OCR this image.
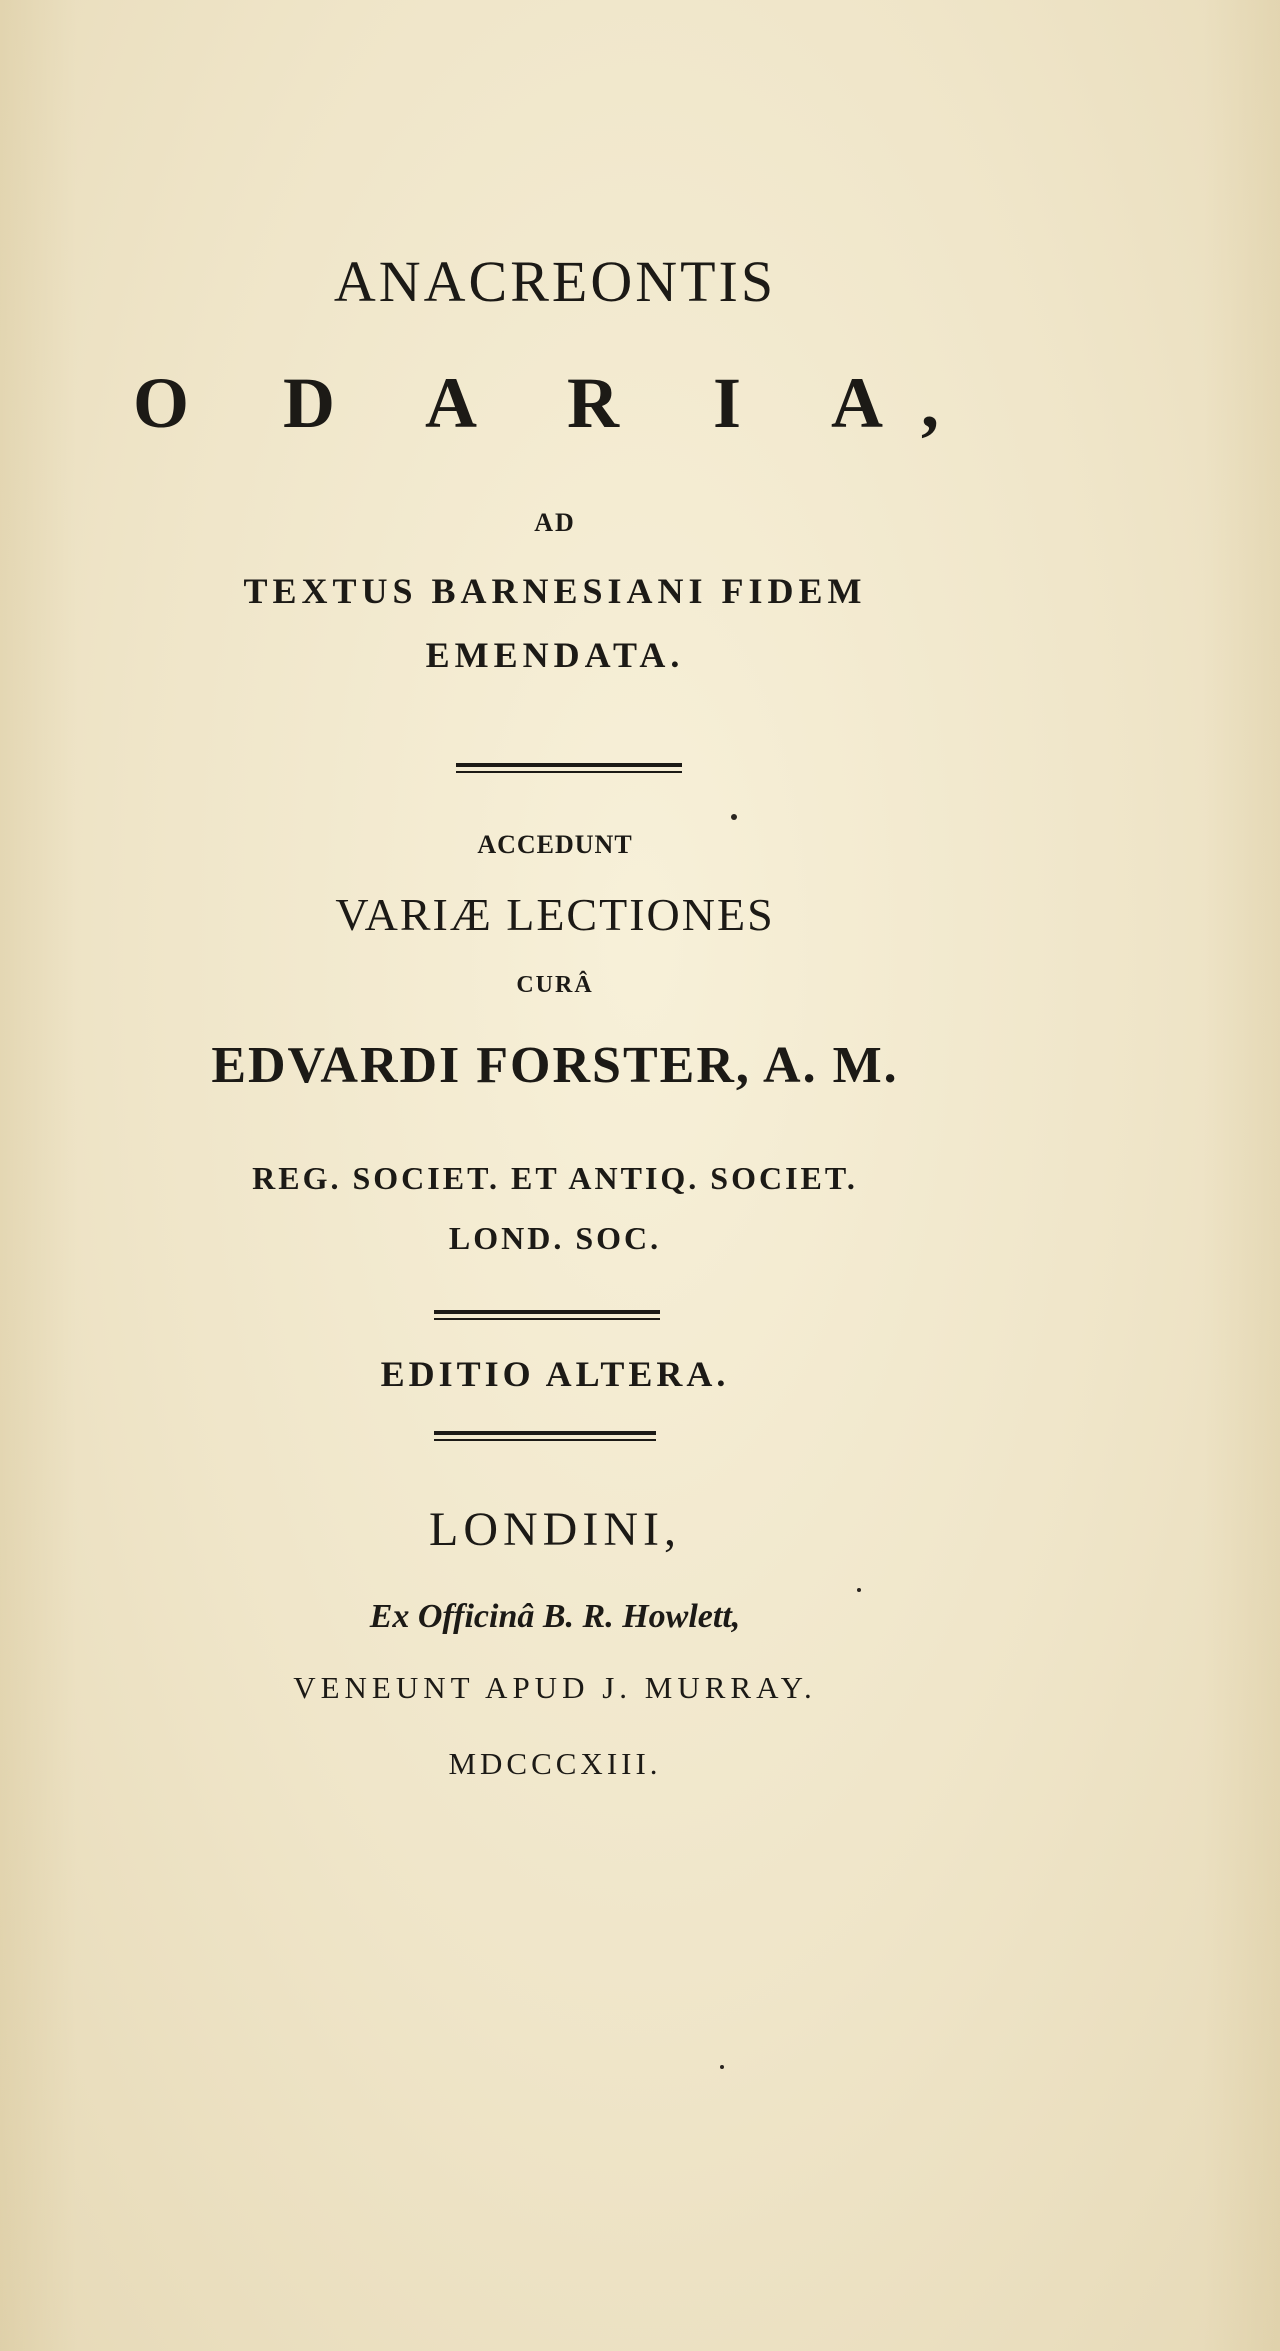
ANACREONTIS

O D A R I A,

AD

TEXTUS BARNESIANI FIDEM

EMENDATA.

ACCEDUNT

VARIÆ LECTIONES

CURÂ

EDVARDI FORSTER, A. M.

REG. SOCIET. ET ANTIQ. SOCIET.

LOND. SOC.

EDITIO ALTERA.

LONDINI,

Ex Officinâ B. R. Howlett,

VENEUNT APUD J. MURRAY.

MDCCCXIII.
